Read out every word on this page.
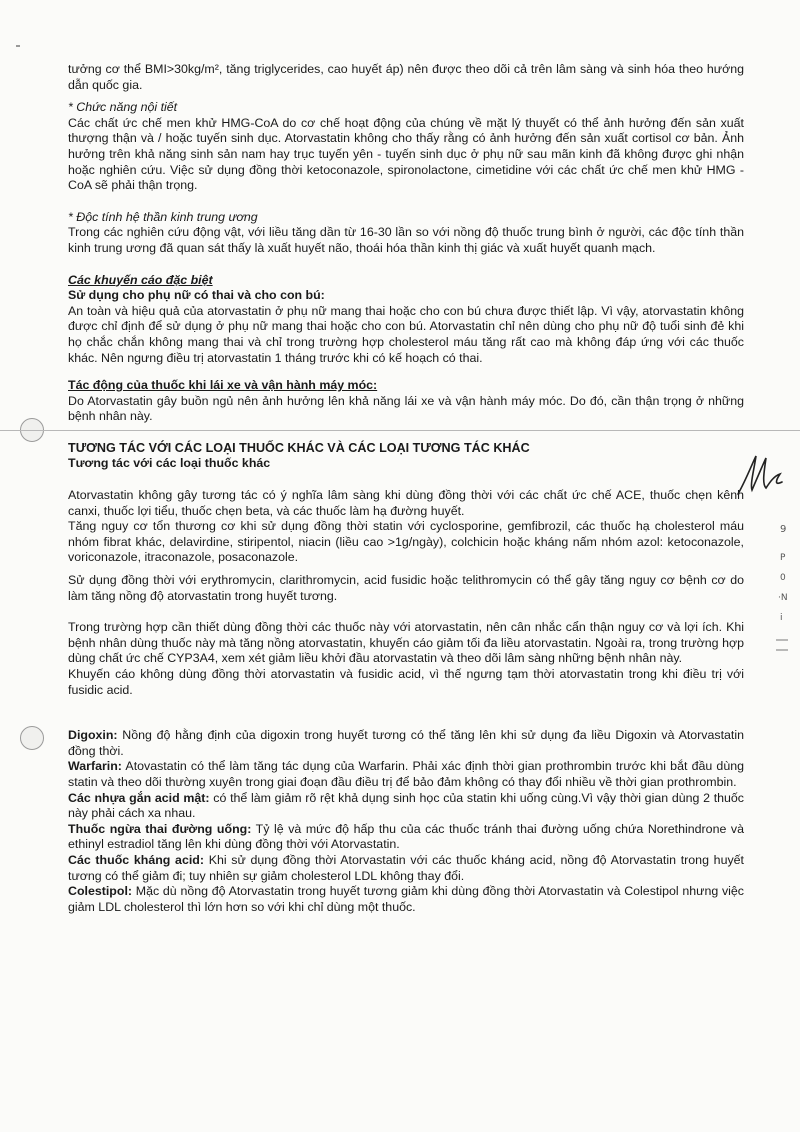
9
P
0
·N
i

tưởng cơ thể BMI>30kg/m², tăng triglycerides, cao huyết áp) nên được theo dõi cả trên lâm sàng và sinh hóa theo hướng dẫn quốc gia.

* Chức năng nội tiết

Các chất ức chế men khử HMG-CoA do cơ chế hoạt động của chúng về mặt lý thuyết có thể ảnh hưởng đến sản xuất thượng thận và / hoặc tuyến sinh dục. Atorvastatin không cho thấy rằng có ảnh hưởng đến sản xuất cortisol cơ bản. Ảnh hưởng trên khả năng sinh sản nam hay trục tuyến yên - tuyến sinh dục ở phụ nữ sau mãn kinh đã không được ghi nhận hoặc nghiên cứu. Việc sử dụng đồng thời ketoconazole, spironolactone, cimetidine với các chất ức chế men khử HMG - CoA sẽ phải thận trọng.

* Độc tính hệ thần kinh trung ương

Trong các nghiên cứu động vật, với liều tăng dần từ 16-30 lần so với nồng độ thuốc trung bình ở người, các độc tính thần kinh trung ương đã quan sát thấy là xuất huyết não, thoái hóa thần kinh thị giác và xuất huyết quanh mạch.

Các khuyến cáo đặc biệt

Sử dụng cho phụ nữ có thai và cho con bú:

An toàn và hiệu quả của atorvastatin ở phụ nữ mang thai hoặc cho con bú chưa được thiết lập. Vì vậy, atorvastatin không được chỉ định để sử dụng ở phụ nữ mang thai hoặc cho con bú. Atorvastatin chỉ nên dùng cho phụ nữ độ tuổi sinh đẻ khi họ chắc chắn không mang thai và chỉ trong trường hợp cholesterol máu tăng rất cao mà không đáp ứng với các thuốc khác. Nên ngưng điều trị atorvastatin 1 tháng trước khi có kế hoạch có thai.

Tác động của thuốc khi lái xe và vận hành máy móc:

Do Atorvastatin gây buồn ngủ nên ảnh hưởng lên khả năng lái xe và vận hành máy móc. Do đó, cần thận trọng ở những bệnh nhân này.

TƯƠNG TÁC VỚI CÁC LOẠI THUỐC KHÁC VÀ CÁC LOẠI TƯƠNG TÁC KHÁC

Tương tác với các loại thuốc khác

Atorvastatin không gây tương tác có ý nghĩa lâm sàng khi dùng đồng thời với các chất ức chế ACE, thuốc chẹn kênh canxi, thuốc lợi tiểu, thuốc chẹn beta, và các thuốc làm hạ đường huyết.

Tăng nguy cơ tổn thương cơ khi sử dụng đồng thời statin với cyclosporine, gemfibrozil, các thuốc hạ cholesterol máu nhóm fibrat khác, delavirdine, stiripentol, niacin (liều cao >1g/ngày), colchicin hoặc kháng nấm nhóm azol: ketoconazole, voriconazole, itraconazole, posaconazole.

Sử dụng đồng thời với erythromycin, clarithromycin, acid fusidic hoặc telithromycin có thể gây tăng nguy cơ bệnh cơ do làm tăng nồng độ atorvastatin trong huyết tương.

Trong trường hợp cần thiết dùng đồng thời các thuốc này với atorvastatin, nên cân nhắc cẩn thận nguy cơ và lợi ích. Khi bệnh nhân dùng thuốc này mà tăng nồng atorvastatin, khuyến cáo giảm tối đa liều atorvastatin. Ngoài ra, trong trường hợp dùng chất ức chế CYP3A4, xem xét giảm liều khởi đầu atorvastatin và theo dõi lâm sàng những bệnh nhân này.

Khuyến cáo không dùng đồng thời atorvastatin và fusidic acid, vì thế ngưng tạm thời atorvastatin trong khi điều trị với fusidic acid.

Digoxin: Nồng độ hằng định của digoxin trong huyết tương có thể tăng lên khi sử dụng đa liều Digoxin và Atorvastatin đồng thời.

Warfarin: Atovastatin có thể làm tăng tác dụng của Warfarin. Phải xác định thời gian prothrombin trước khi bắt đầu dùng statin và theo dõi thường xuyên trong giai đoạn đầu điều trị để bảo đảm không có thay đổi nhiều về thời gian prothrombin.

Các nhựa gắn acid mật: có thể làm giảm rõ rệt khả dụng sinh học của statin khi uống cùng.Vì vậy thời gian dùng 2 thuốc này phải cách xa nhau.

Thuốc ngừa thai đường uống: Tỷ lệ và mức độ hấp thu của các thuốc tránh thai đường uống chứa Norethindrone và ethinyl estradiol tăng lên khi dùng đồng thời với Atorvastatin.

Các thuốc kháng acid: Khi sử dụng đồng thời Atorvastatin với các thuốc kháng acid, nồng độ Atorvastatin trong huyết tương có thể giảm đi; tuy nhiên sự giảm cholesterol LDL không thay đổi.

Colestipol: Mặc dù nồng độ Atorvastatin trong huyết tương giảm khi dùng đồng thời Atorvastatin và Colestipol nhưng việc giảm LDL cholesterol thì lớn hơn so với khi chỉ dùng một thuốc.
